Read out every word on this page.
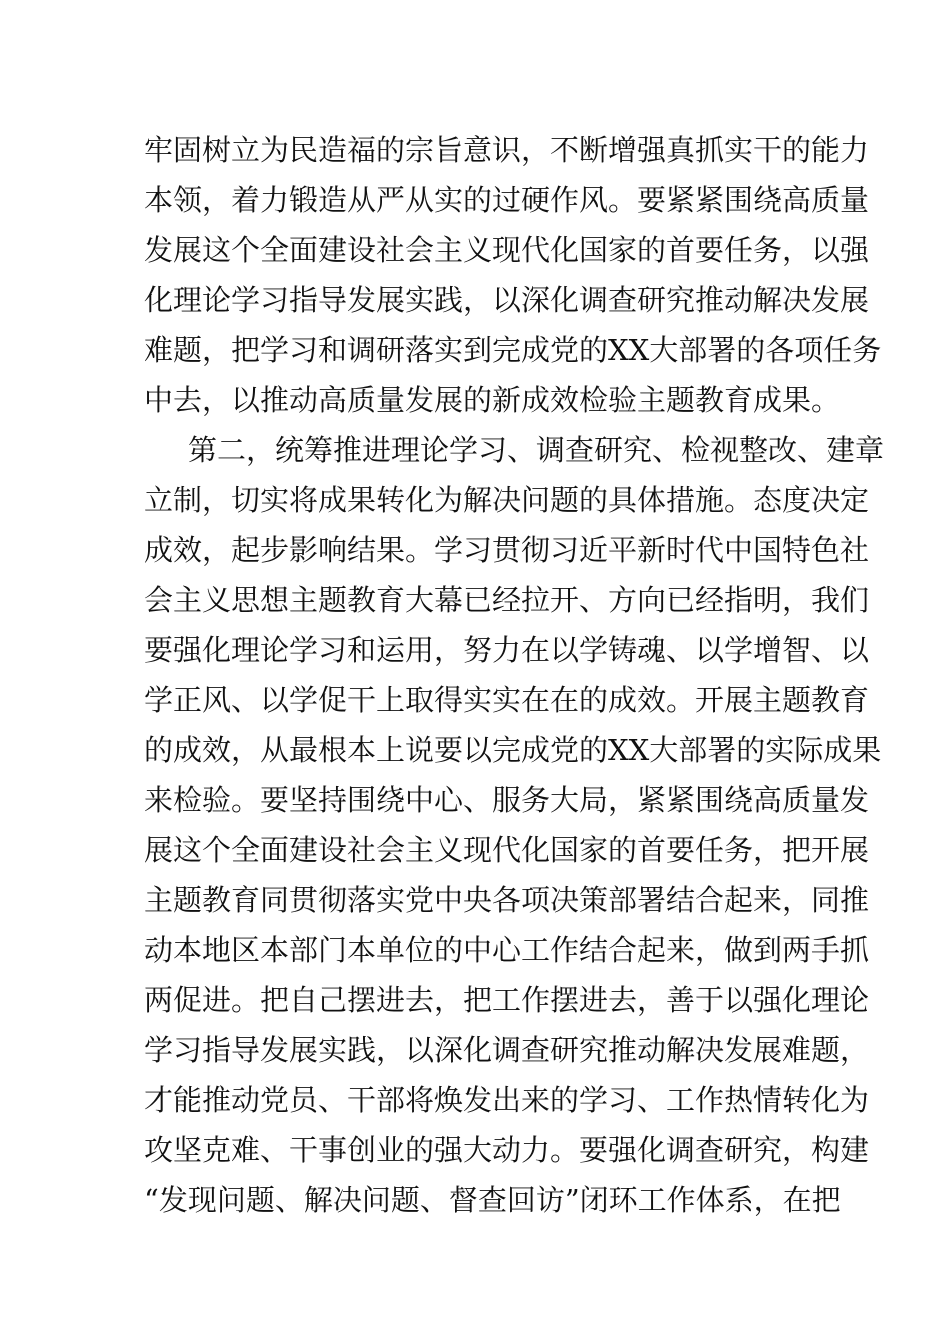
牢固树立为民造福的宗旨意识，不断增强真抓实干的能力
本领，着力锻造从严从实的过硬作风。要紧紧围绕高质量
发展这个全面建设社会主义现代化国家的首要任务，以强
化理论学习指导发展实践，以深化调查研究推动解决发展
难题，把学习和调研落实到完成党的XX大部署的各项任务
中去，以推动高质量发展的新成效检验主题教育成果。
第二，统筹推进理论学习、调查研究、检视整改、建章
立制，切实将成果转化为解决问题的具体措施。态度决定
成效，起步影响结果。学习贯彻习近平新时代中国特色社
会主义思想主题教育大幕已经拉开、方向已经指明，我们
要强化理论学习和运用，努力在以学铸魂、以学增智、以
学正风、以学促干上取得实实在在的成效。开展主题教育
的成效，从最根本上说要以完成党的XX大部署的实际成果
来检验。要坚持围绕中心、服务大局，紧紧围绕高质量发
展这个全面建设社会主义现代化国家的首要任务，把开展
主题教育同贯彻落实党中央各项决策部署结合起来，同推
动本地区本部门本单位的中心工作结合起来，做到两手抓
两促进。把自己摆进去，把工作摆进去，善于以强化理论
学习指导发展实践，以深化调查研究推动解决发展难题，
才能推动党员、干部将焕发出来的学习、工作热情转化为
攻坚克难、干事创业的强大动力。要强化调查研究，构建
“发现问题、解决问题、督查回访”闭环工作体系，在把
